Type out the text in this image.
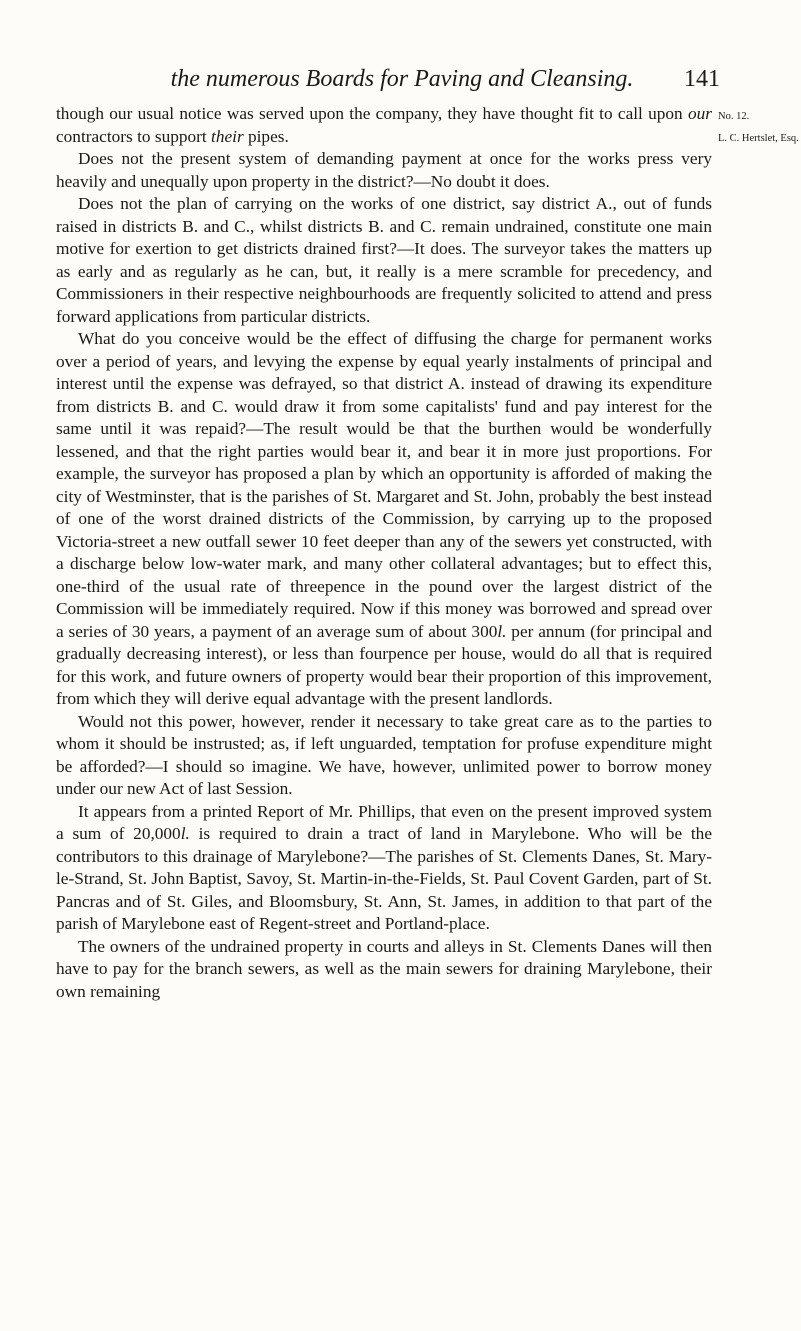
the numerous Boards for Paving and Cleansing.	141
No. 12.
L. C. Hertslet, Esq.

though our usual notice was served upon the company, they have thought fit to call upon our contractors to support their pipes.

Does not the present system of demanding payment at once for the works press very heavily and unequally upon property in the district?—No doubt it does.

Does not the plan of carrying on the works of one district, say district A., out of funds raised in districts B. and C., whilst districts B. and C. remain undrained, constitute one main motive for exertion to get districts drained first?—It does. The surveyor takes the matters up as early and as regularly as he can, but, it really is a mere scramble for precedency, and Commissioners in their respective neighbourhoods are frequently solicited to attend and press forward applications from particular districts.

What do you conceive would be the effect of diffusing the charge for permanent works over a period of years, and levying the expense by equal yearly instalments of principal and interest until the expense was defrayed, so that district A. instead of drawing its expenditure from districts B. and C. would draw it from some capitalists' fund and pay interest for the same until it was repaid?—The result would be that the burthen would be wonderfully lessened, and that the right parties would bear it, and bear it in more just proportions. For example, the surveyor has proposed a plan by which an opportunity is afforded of making the city of Westminster, that is the parishes of St. Margaret and St. John, probably the best instead of one of the worst drained districts of the Commission, by carrying up to the proposed Victoria-street a new outfall sewer 10 feet deeper than any of the sewers yet constructed, with a discharge below low-water mark, and many other collateral advantages; but to effect this, one-third of the usual rate of threepence in the pound over the largest district of the Commission will be immediately required. Now if this money was borrowed and spread over a series of 30 years, a payment of an average sum of about 300l. per annum (for principal and gradually decreasing interest), or less than fourpence per house, would do all that is required for this work, and future owners of property would bear their proportion of this improvement, from which they will derive equal advantage with the present landlords.

Would not this power, however, render it necessary to take great care as to the parties to whom it should be instrusted; as, if left unguarded, temptation for profuse expenditure might be afforded?—I should so imagine. We have, however, unlimited power to borrow money under our new Act of last Session.

It appears from a printed Report of Mr. Phillips, that even on the present improved system a sum of 20,000l. is required to drain a tract of land in Marylebone. Who will be the contributors to this drainage of Marylebone?—The parishes of St. Clements Danes, St. Mary-le-Strand, St. John Baptist, Savoy, St. Martin-in-the-Fields, St. Paul Covent Garden, part of St. Pancras and of St. Giles, and Bloomsbury, St. Ann, St. James, in addition to that part of the parish of Marylebone east of Regent-street and Portland-place.

The owners of the undrained property in courts and alleys in St. Clements Danes will then have to pay for the branch sewers, as well as the main sewers for draining Marylebone, their own remaining
